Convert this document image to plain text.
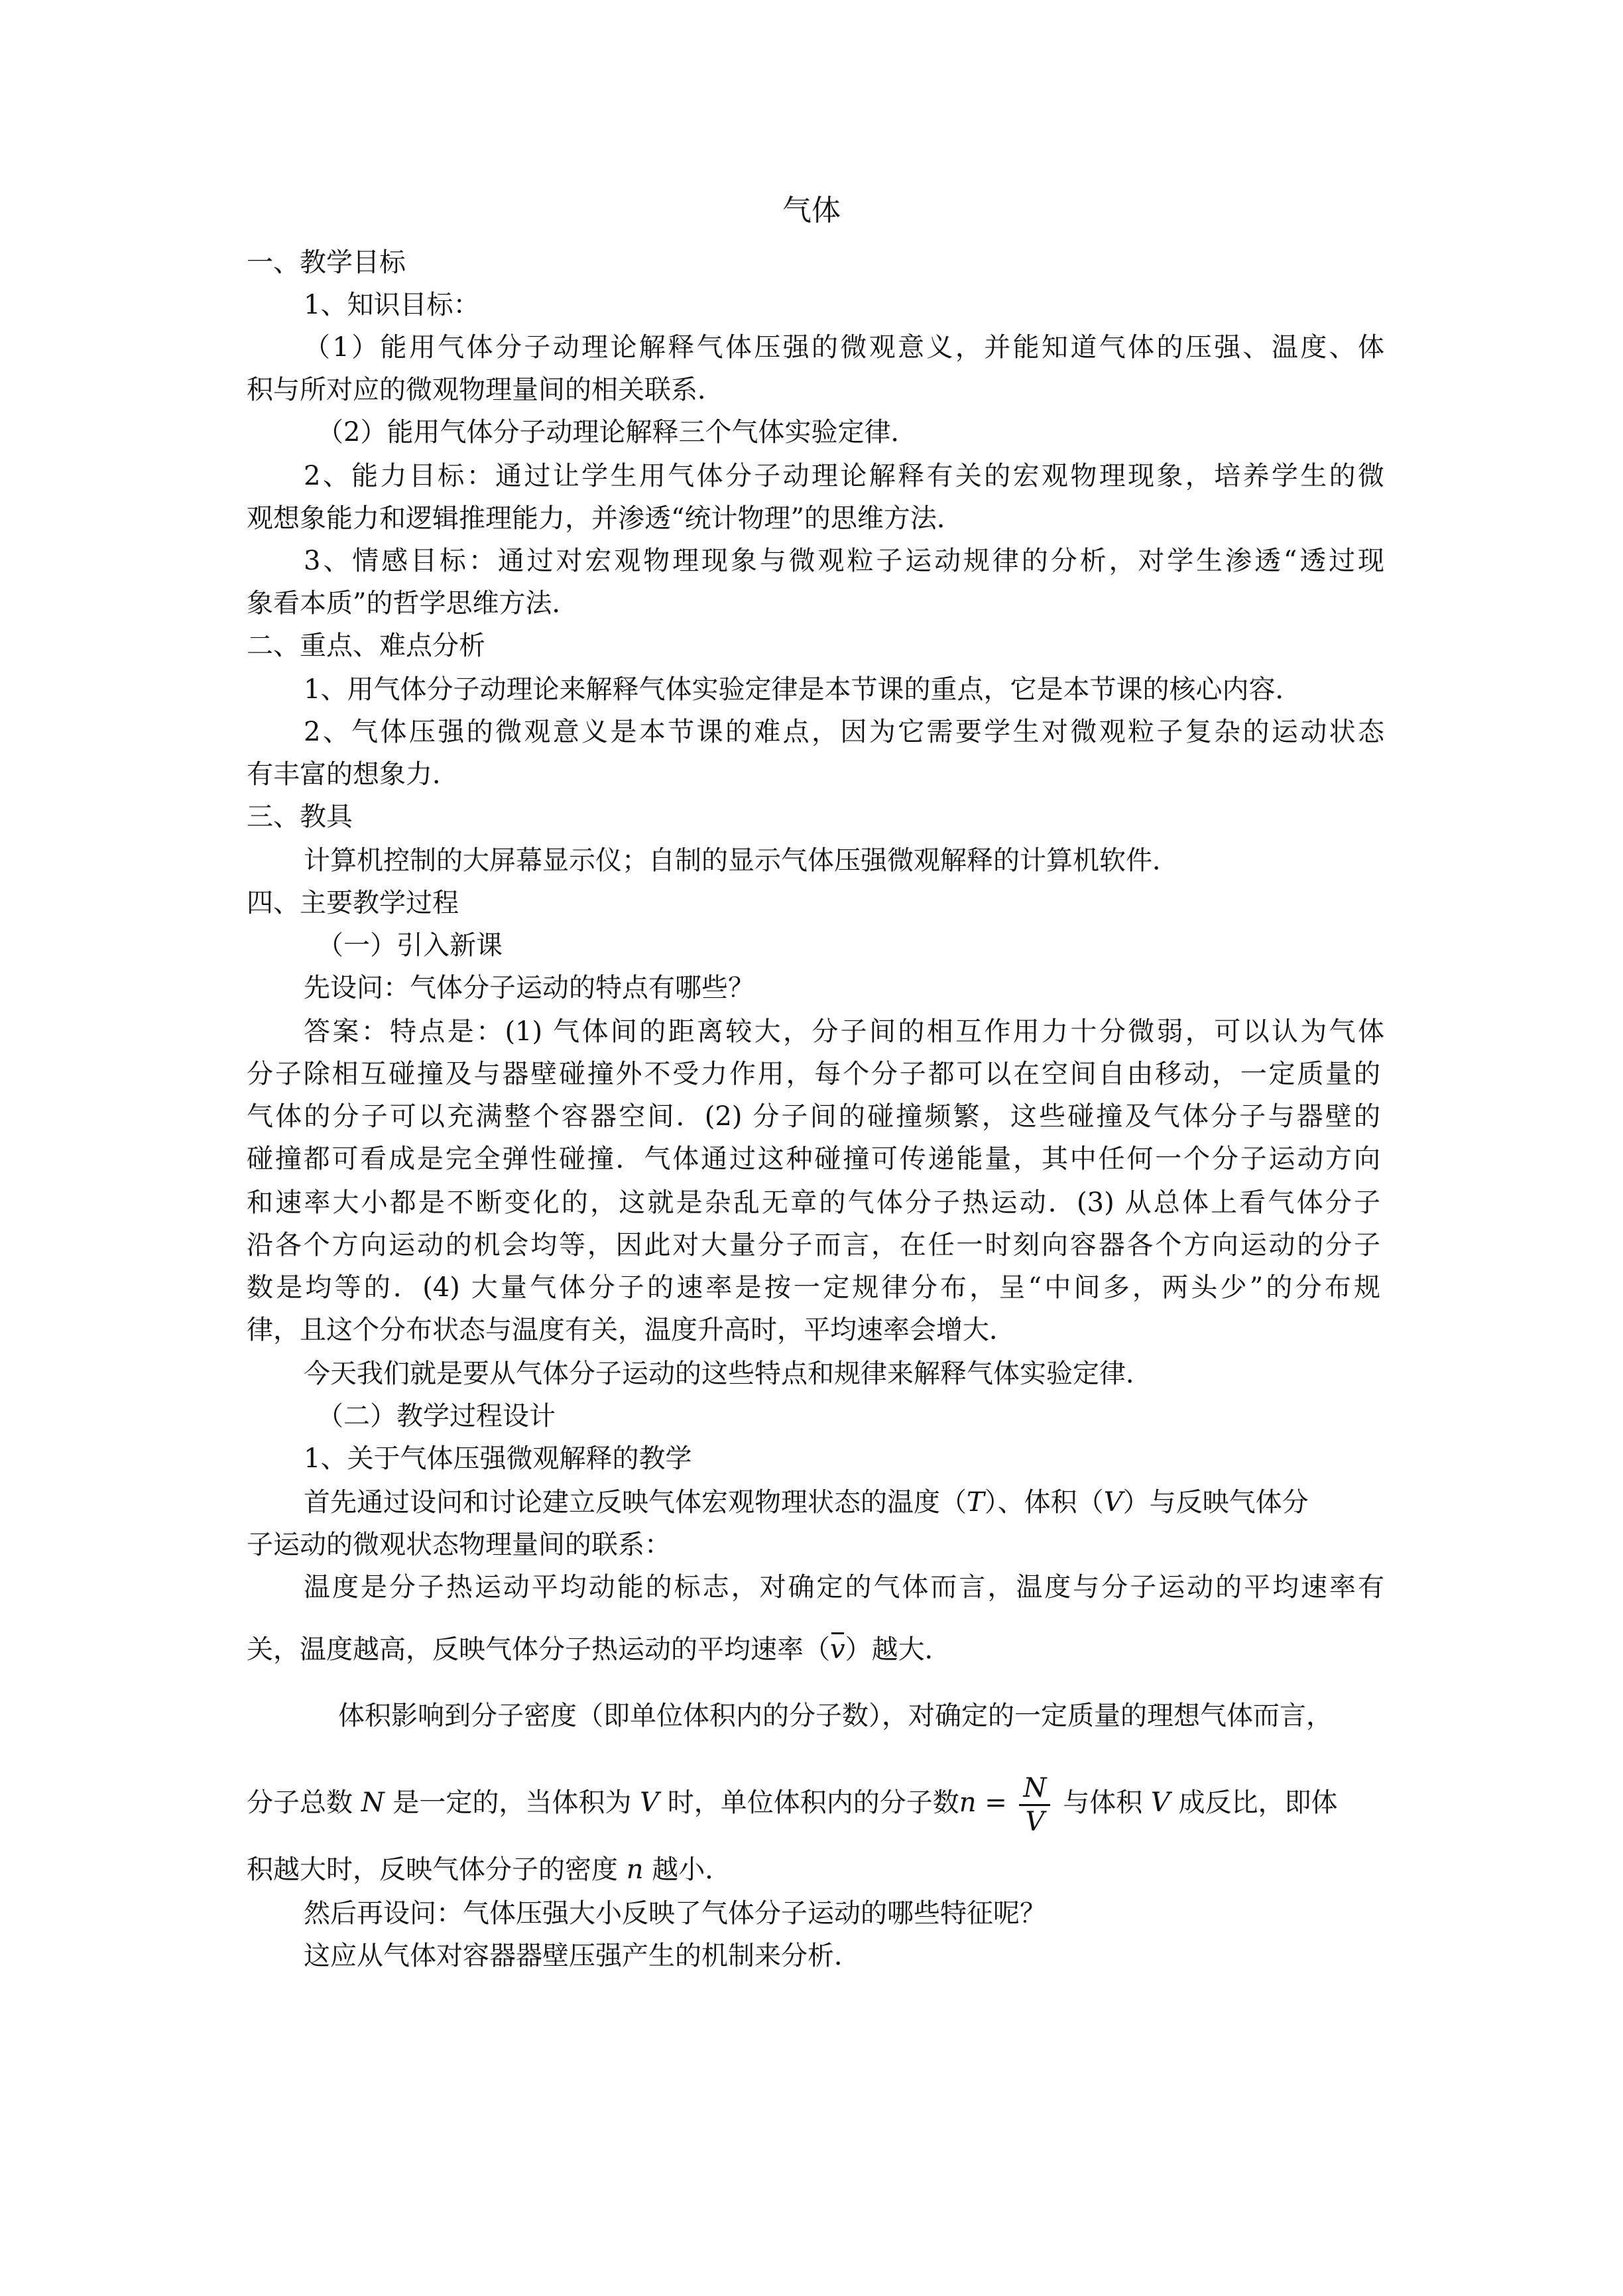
气体
一、教学目标
1、知识目标：
（1）能用气体分子动理论解释气体压强的微观意义，并能知道气体的压强、温度、体
积与所对应的微观物理量间的相关联系．
（2）能用气体分子动理论解释三个气体实验定律．
2、能力目标：通过让学生用气体分子动理论解释有关的宏观物理现象，培养学生的微
观想象能力和逻辑推理能力，并渗透“统计物理”的思维方法．
3、情感目标：通过对宏观物理现象与微观粒子运动规律的分析，对学生渗透“透过现
象看本质”的哲学思维方法．
二、重点、难点分析
1、用气体分子动理论来解释气体实验定律是本节课的重点，它是本节课的核心内容．
2、气体压强的微观意义是本节课的难点，因为它需要学生对微观粒子复杂的运动状态
有丰富的想象力．
三、教具
计算机控制的大屏幕显示仪；自制的显示气体压强微观解释的计算机软件．
四、主要教学过程
（一）引入新课
先设问：气体分子运动的特点有哪些？
答案：特点是：(1) 气体间的距离较大，分子间的相互作用力十分微弱，可以认为气体
分子除相互碰撞及与器壁碰撞外不受力作用，每个分子都可以在空间自由移动，一定质量的
气体的分子可以充满整个容器空间．(2) 分子间的碰撞频繁，这些碰撞及气体分子与器壁的
碰撞都可看成是完全弹性碰撞．气体通过这种碰撞可传递能量，其中任何一个分子运动方向
和速率大小都是不断变化的，这就是杂乱无章的气体分子热运动．(3) 从总体上看气体分子
沿各个方向运动的机会均等，因此对大量分子而言，在任一时刻向容器各个方向运动的分子
数是均等的．(4) 大量气体分子的速率是按一定规律分布，呈“中间多，两头少”的分布规
律，且这个分布状态与温度有关，温度升高时，平均速率会增大．
今天我们就是要从气体分子运动的这些特点和规律来解释气体实验定律．
（二）教学过程设计
1、关于气体压强微观解释的教学
首先通过设问和讨论建立反映气体宏观物理状态的温度（T）、体积（V）与反映气体分
子运动的微观状态物理量间的联系：
温度是分子热运动平均动能的标志，对确定的气体而言，温度与分子运动的平均速率有
关，温度越高，反映气体分子热运动的平均速率（v）越大．
体积影响到分子密度（即单位体积内的分子数），对确定的一定质量的理想气体而言，
分子总数 N 是一定的，当体积为 V 时，单位体积内的分子数$n = \frac{N}{V}$ 与体积 V 成反比，即体
积越大时，反映气体分子的密度 n 越小．
然后再设问：气体压强大小反映了气体分子运动的哪些特征呢？
这应从气体对容器器壁压强产生的机制来分析．
